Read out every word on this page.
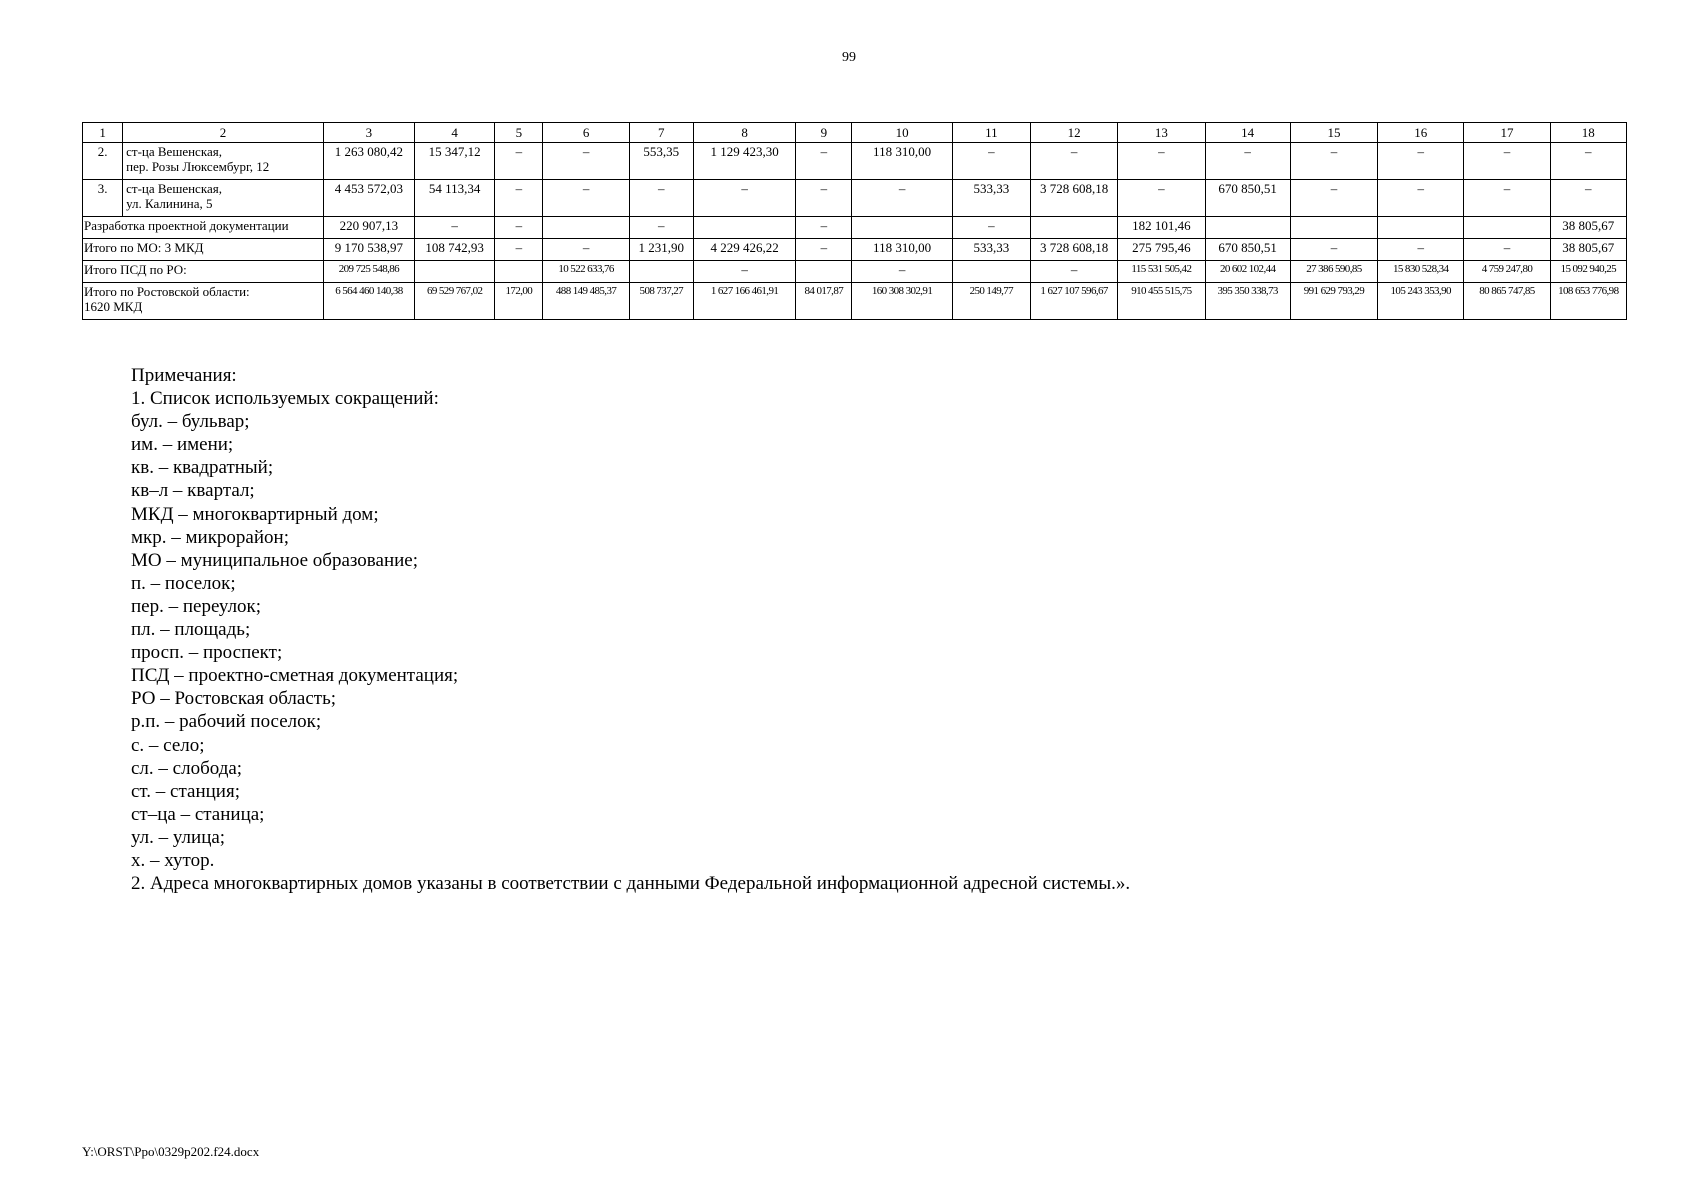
99
1	2	3	4	5	6	7	8	9	10	11	12	13	14	15	16	17	18
2.	ст-ца Вешенская,
пер. Розы Люксембург, 12	1 263 080,42	15 347,12	–	–	553,35	1 129 423,30	–	118 310,00	–	–	–	–	–	–	–	–
3.	ст-ца Вешенская,
ул. Калинина, 5	4 453 572,03	54 113,34	–	–	–	–	–	–	533,33	3 728 608,18	–	670 850,51	–	–	–	–
Разработка проектной документации		220 907,13	–	–		–		–		–		182 101,46					38 805,67
Итого по МО: 3 МКД		9 170 538,97	108 742,93	–	–	1 231,90	4 229 426,22	–	118 310,00	533,33	3 728 608,18	275 795,46	670 850,51	–	–	–	38 805,67
Итого ПСД по РО:		209 725 548,86			10 522 633,76		–		–		–	115 531 505,42	20 602 102,44	27 386 590,85	15 830 528,34	4 759 247,80	15 092 940,25

Итого по Ростовской области:
1620 МКД		6 564 460 140,38	69 529 767,02	172,00	488 149 485,37	508 737,27	1 627 166 461,91	84 017,87	160 308 302,91	250 149,77	1 627 107 596,67	910 455 515,75	395 350 338,73	991 629 793,29	105 243 353,90	80 865 747,85	108 653 776,98
Примечания:
1. Список используемых сокращений:
бул. – бульвар;
им. – имени;
кв. – квадратный;
кв–л – квартал;
МКД – многоквартирный дом;
мкр. – микрорайон;
МО – муниципальное образование;
п. – поселок;
пер. – переулок;
пл. – площадь;
просп. – проспект;
ПСД – проектно-сметная документация;
РО – Ростовская область;
р.п. – рабочий поселок;
с. – село;
сл. – слобода;
ст. – станция;
ст–ца – станица;
ул. – улица;
х. – хутор.
2. Адреса многоквартирных домов указаны в соответствии с данными Федеральной информационной адресной системы.».
Y:\ORST\Ppo\0329p202.f24.docx
